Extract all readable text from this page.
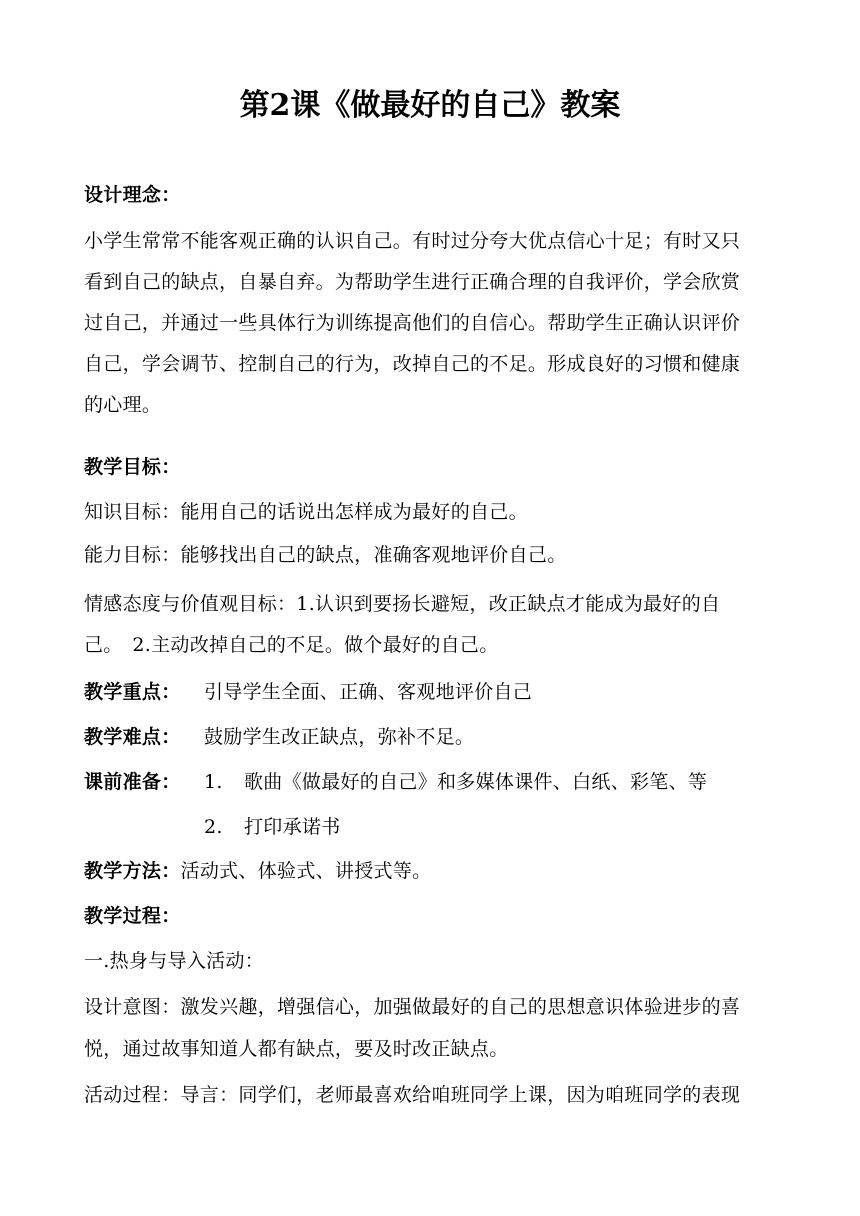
第2课《做最好的自己》教案
设计理念：
小学生常常不能客观正确的认识自己。有时过分夸大优点信心十足；有时又只
看到自己的缺点，自暴自弃。为帮助学生进行正确合理的自我评价，学会欣赏
过自己，并通过一些具体行为训练提高他们的自信心。帮助学生正确认识评价
自己，学会调节、控制自己的行为，改掉自己的不足。形成良好的习惯和健康
的心理。
教学目标：
知识目标：能用自己的话说出怎样成为最好的自己。
能力目标：能够找出自己的缺点，准确客观地评价自己。
情感态度与价值观目标：1.认识到要扬长避短，改正缺点才能成为最好的自
己。　2.主动改掉自己的不足。做个最好的自己。
教学重点： 引导学生全面、正确、客观地评价自己
教学难点： 鼓励学生改正缺点，弥补不足。
课前准备： 1. 歌曲《做最好的自己》和多媒体课件、白纸、彩笔、等
2. 打印承诺书
教学方法：活动式、体验式、讲授式等。
教学过程：
一.热身与导入活动：
设计意图：激发兴趣，增强信心，加强做最好的自己的思想意识体验进步的喜
悦，通过故事知道人都有缺点，要及时改正缺点。
活动过程：导言：同学们，老师最喜欢给咱班同学上课，因为咱班同学的表现
